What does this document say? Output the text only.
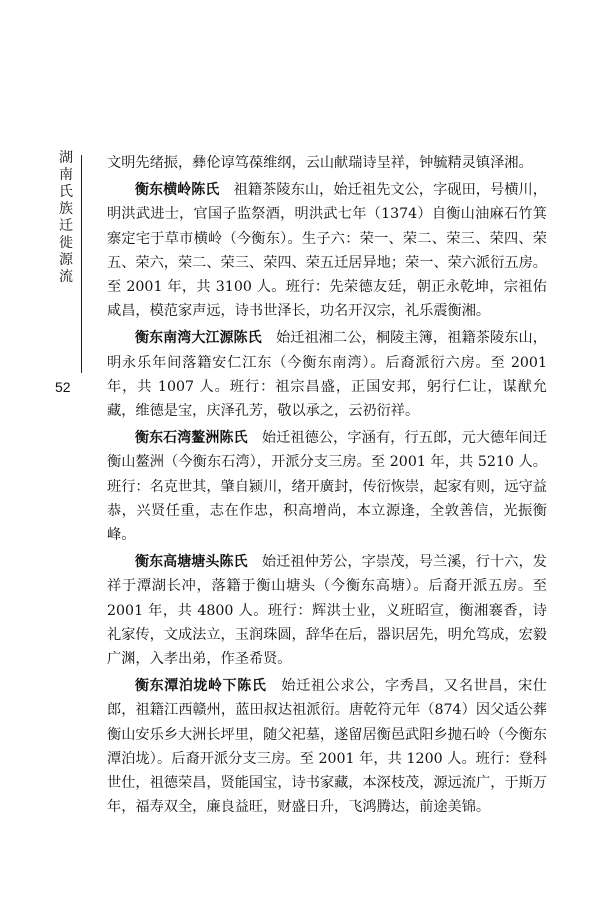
湖南氏族迁徙源流
52

文明先绪振，彝伦谆笃葆维纲，云山献瑞诗呈祥，钟毓精灵镇泽湘。

衡东横岭陈氏  祖籍茶陵东山，始迁祖先文公，字砚田，号横川，明洪武进士，官国子监祭酒，明洪武七年（1374）自衡山油麻石竹箕寨定宅于草市横岭（今衡东）。生子六：荣一、荣二、荣三、荣四、荣五、荣六，荣二、荣三、荣四、荣五迁居异地；荣一、荣六派衍五房。至 2001 年，共 3100 人。班行：先荣德友廷，朝正永乾坤，宗祖佑咸昌，模范家声远，诗书世泽长，功名开汉宗，礼乐震衡湘。

衡东南湾大江源陈氏  始迁祖湘二公，桐陵主簿，祖籍茶陵东山，明永乐年间落籍安仁江东（今衡东南湾）。后裔派衍六房。至 2001 年，共 1007 人。班行：祖宗昌盛，正国安邦，躬行仁让，谋猷允藏，维德是宝，庆泽孔芳，敬以承之，云礽衍祥。

衡东石湾鳌洲陈氏  始迁祖德公，字涵有，行五郎，元大德年间迁衡山鳌洲（今衡东石湾），开派分支三房。至 2001 年，共 5210 人。班行：名克世其，肇自颍川，绪开廣封，传衍恢崇，起家有则，远守益恭，兴贤任重，志在作忠，积高增尚，本立源逢，全敦善信，光振衡峰。

衡东高塘塘头陈氏  始迁祖仲芳公，字崇茂，号兰溪，行十六，发祥于潭湖长冲，落籍于衡山塘头（今衡东高塘）。后裔开派五房。至 2001 年，共 4800 人。班行：辉洪士业，义班昭宣，衡湘褰香，诗礼家传，文成法立，玉润珠圆，辞华在后，器识居先，明允笃成，宏毅广渊，入孝出弟，作圣希贤。

衡东潭泊垅岭下陈氏  始迁祖公求公，字秀昌，又名世昌，宋仕郎，祖籍江西赣州，蓝田叔达祖派衍。唐乾符元年（874）因父适公葬衡山安乐乡大洲长坪里，随父祀墓，遂留居衡邑武阳乡抛石岭（今衡东潭泊垅）。后裔开派分支三房。至 2001 年，共 1200 人。班行：登科世仕，祖德荣昌，贤能国宝，诗书家藏，本深枝茂，源远流广，于斯万年，福寿双全，廉良益旺，财盛日升，飞鸿腾达，前途美锦。
